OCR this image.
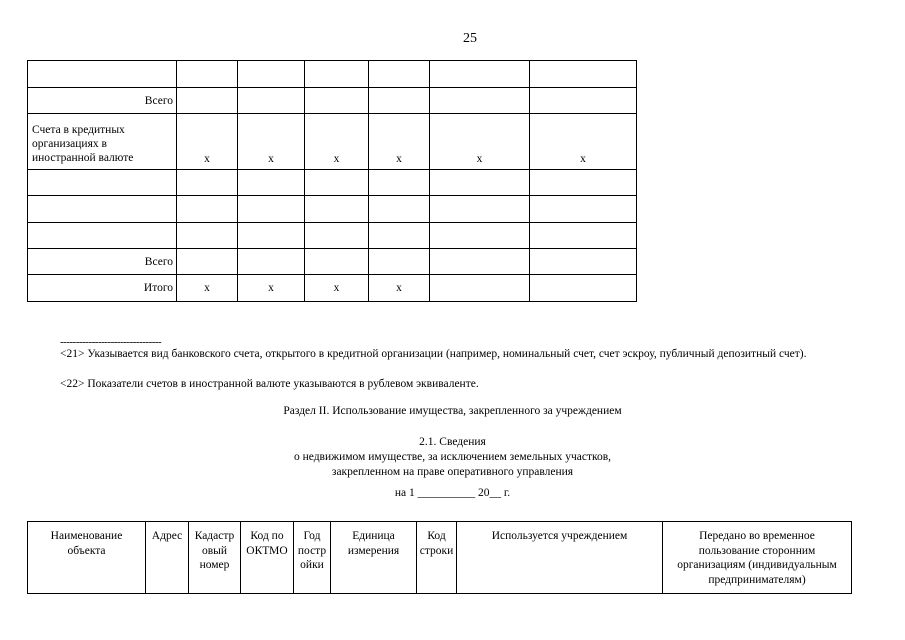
25

Всего						
Счета в кредитных
организациях в
иностранной валюте	x	x	x	x	x	x

Всего						
Итого	x	x	x	x		
--------------------------------
<21> Указывается вид банковского счета, открытого в кредитной организации (например, номинальный счет, счет эскроу, публичный депозитный счет).
<22> Показатели счетов в иностранной валюте указываются в рублевом эквиваленте.
Раздел II. Использование имущества, закрепленного за учреждением
2.1. Сведения
о недвижимом имуществе, за исключением земельных участков,
закрепленном на праве оперативного управления
на 1 __________ 20__ г.
Наименование
объекта	Адрес	Кадастр
овый
номер	Код по
ОКТМО	Год
постр
ойки	Единица
измерения	Код
строки	Используется учреждением	Передано во временное
пользование сторонним
организациям (индивидуальным
предпринимателям)
